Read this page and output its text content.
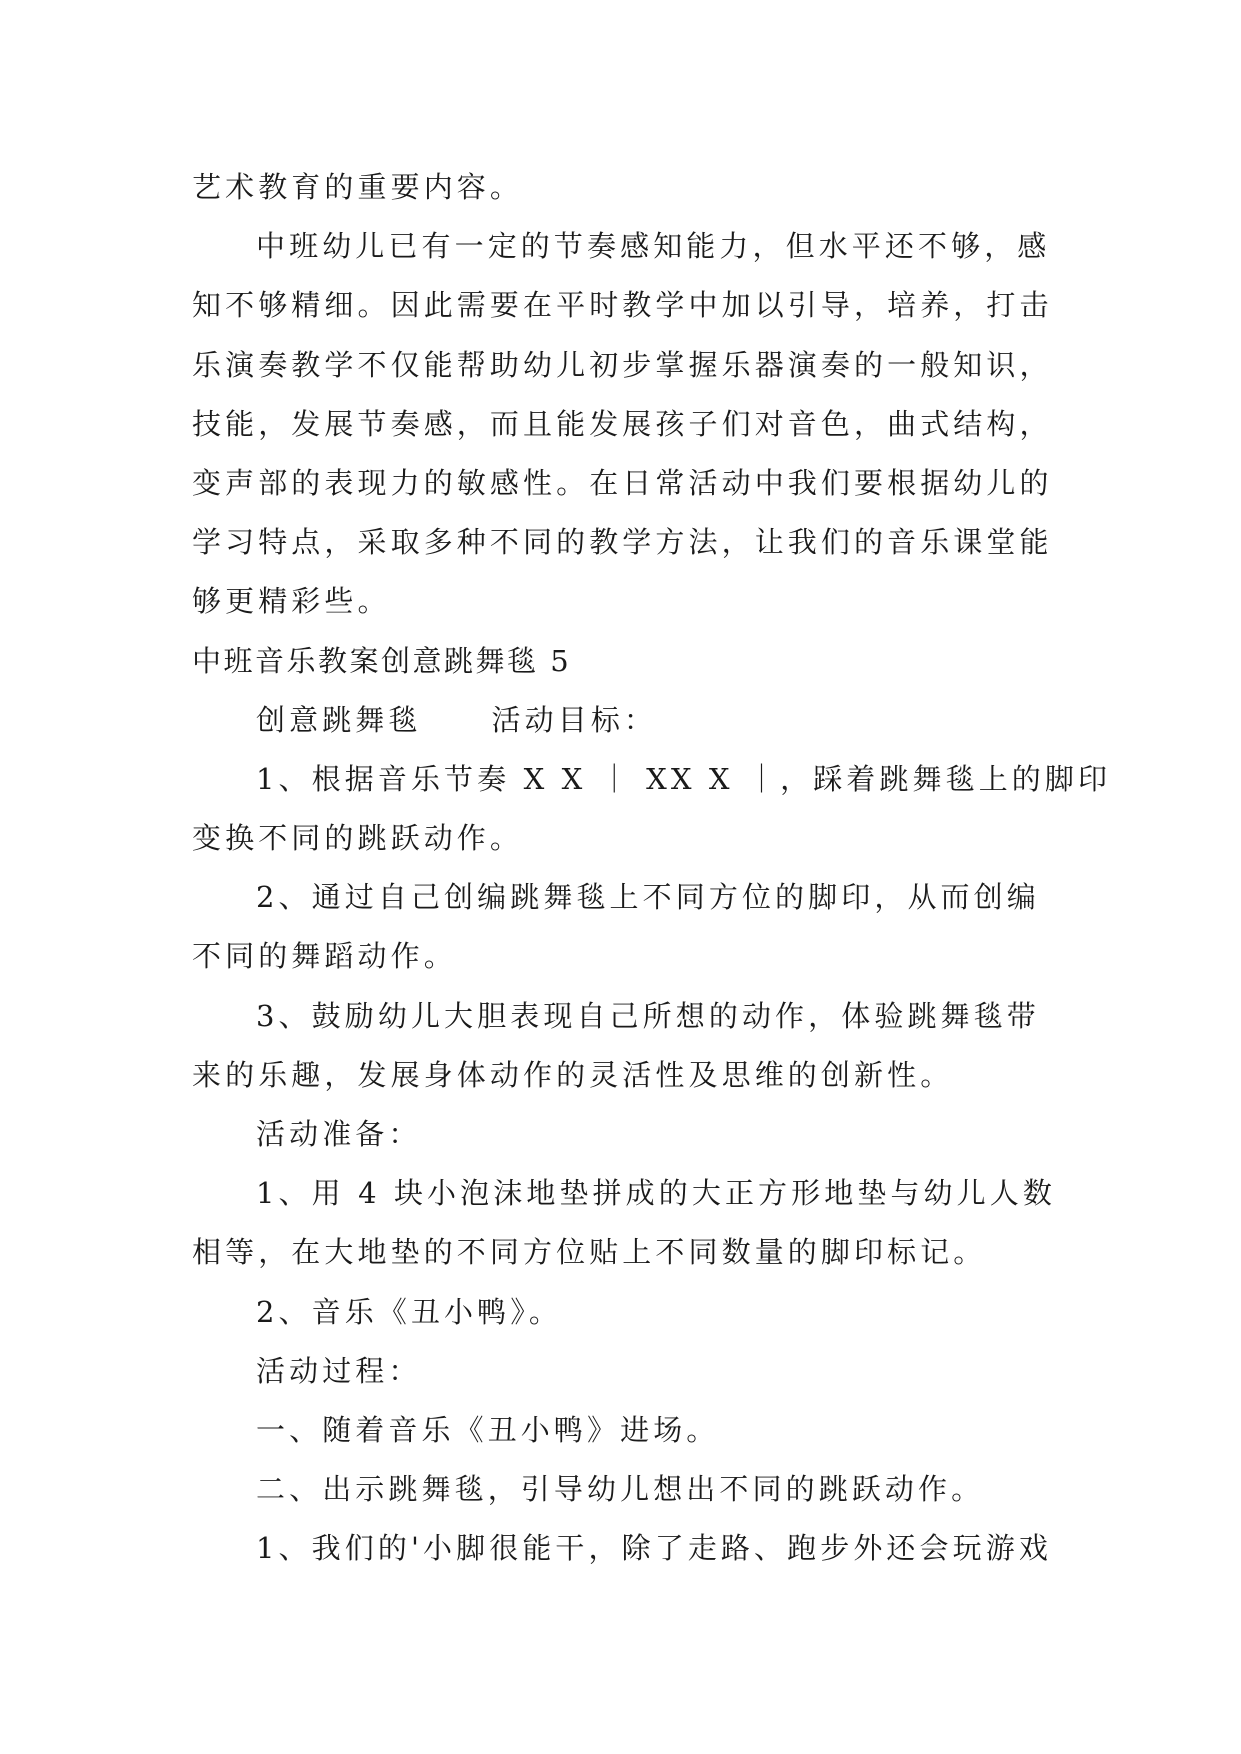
艺术教育的重要内容。
中班幼儿已有一定的节奏感知能力，但水平还不够，感
知不够精细。因此需要在平时教学中加以引导，培养，打击
乐演奏教学不仅能帮助幼儿初步掌握乐器演奏的一般知识，
技能，发展节奏感，而且能发展孩子们对音色，曲式结构，
变声部的表现力的敏感性。在日常活动中我们要根据幼儿的
学习特点，采取多种不同的教学方法，让我们的音乐课堂能
够更精彩些。
中班音乐教案创意跳舞毯 5
创意跳舞毯 活动目标：
1、根据音乐节奏 X X ｜ XX X ｜，踩着跳舞毯上的脚印
变换不同的跳跃动作。
2、通过自己创编跳舞毯上不同方位的脚印，从而创编
不同的舞蹈动作。
3、鼓励幼儿大胆表现自己所想的动作，体验跳舞毯带
来的乐趣，发展身体动作的灵活性及思维的创新性。
活动准备：
1、用 4 块小泡沫地垫拼成的大正方形地垫与幼儿人数
相等，在大地垫的不同方位贴上不同数量的脚印标记。
2、音乐《丑小鸭》。
活动过程：
一、随着音乐《丑小鸭》进场。
二、出示跳舞毯，引导幼儿想出不同的跳跃动作。
1、我们的'小脚很能干，除了走路、跑步外还会玩游戏
